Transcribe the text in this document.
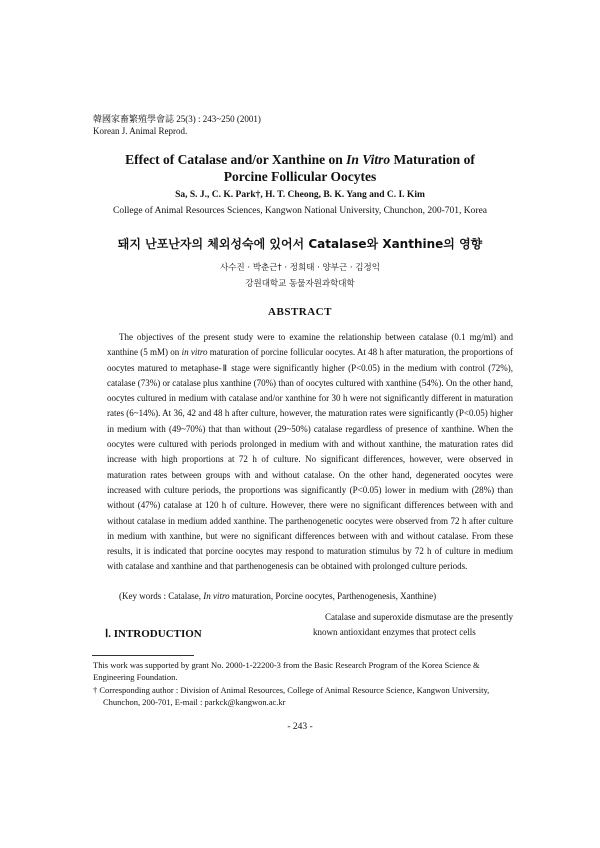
韓國家畜繁殖學會誌 25(3) : 243~250 (2001)
Korean J. Animal Reprod.
Effect of Catalase and/or Xanthine on In Vitro Maturation of
Porcine Follicular Oocytes
Sa, S. J., C. K. Park†, H. T. Cheong, B. K. Yang and C. I. Kim
College of Animal Resources Sciences, Kangwon National University, Chunchon, 200-701, Korea
돼지 난포난자의 체외성숙에 있어서 Catalase와 Xanthine의 영향
사수진 · 박춘근† · 정희태 · 양부근 · 김정익
강원대학교 동물자원과학대학
ABSTRACT

The objectives of the present study were to examine the relationship between catalase (0.1 mg/ml) and xanthine (5 mM) on in vitro maturation of porcine follicular oocytes. At 48 h after maturation, the proportions of oocytes matured to metaphase-Ⅱ stage were significantly higher (P<0.05) in the medium with control (72%), catalase (73%) or catalase plus xanthine (70%) than of oocytes cultured with xanthine (54%). On the other hand, oocytes cultured in medium with catalase and/or xanthine for 30 h were not significantly different in maturation rates (6~14%). At 36, 42 and 48 h after culture, however, the maturation rates were significantly (P<0.05) higher in medium with (49~70%) that than without (29~50%) catalase regardless of presence of xanthine. When the oocytes were cultured with periods prolonged in medium with and without xanthine, the maturation rates did increase with high proportions at 72 h of culture. No significant differences, however, were observed in maturation rates between groups with and without catalase. On the other hand, degenerated oocytes were increased with culture periods, the proportions was significantly (P<0.05) lower in medium with (28%) than without (47%) catalase at 120 h of culture. However, there were no significant differences between with and without catalase in medium added xanthine. The parthenogenetic oocytes were observed from 72 h after culture in medium with xanthine, but were no significant differences between with and without catalase. From these results, it is indicated that porcine oocytes may respond to maturation stimulus by 72 h of culture in medium with catalase and xanthine and that parthenogenesis can be obtained with prolonged culture periods.

(Key words : Catalase, In vitro maturation, Porcine oocytes, Parthenogenesis, Xanthine)
Ⅰ. INTRODUCTION
Catalase and superoxide dismutase are the presently known antioxidant enzymes that protect cells

This work was supported by grant No. 2000-1-22200-3 from the Basic Research Program of the Korea Science & Engineering Foundation.

† Corresponding author : Division of Animal Resources, College of Animal Resource Science, Kangwon University, Chunchon, 200-701, E-mail : parkck@kangwon.ac.kr

- 243 -
